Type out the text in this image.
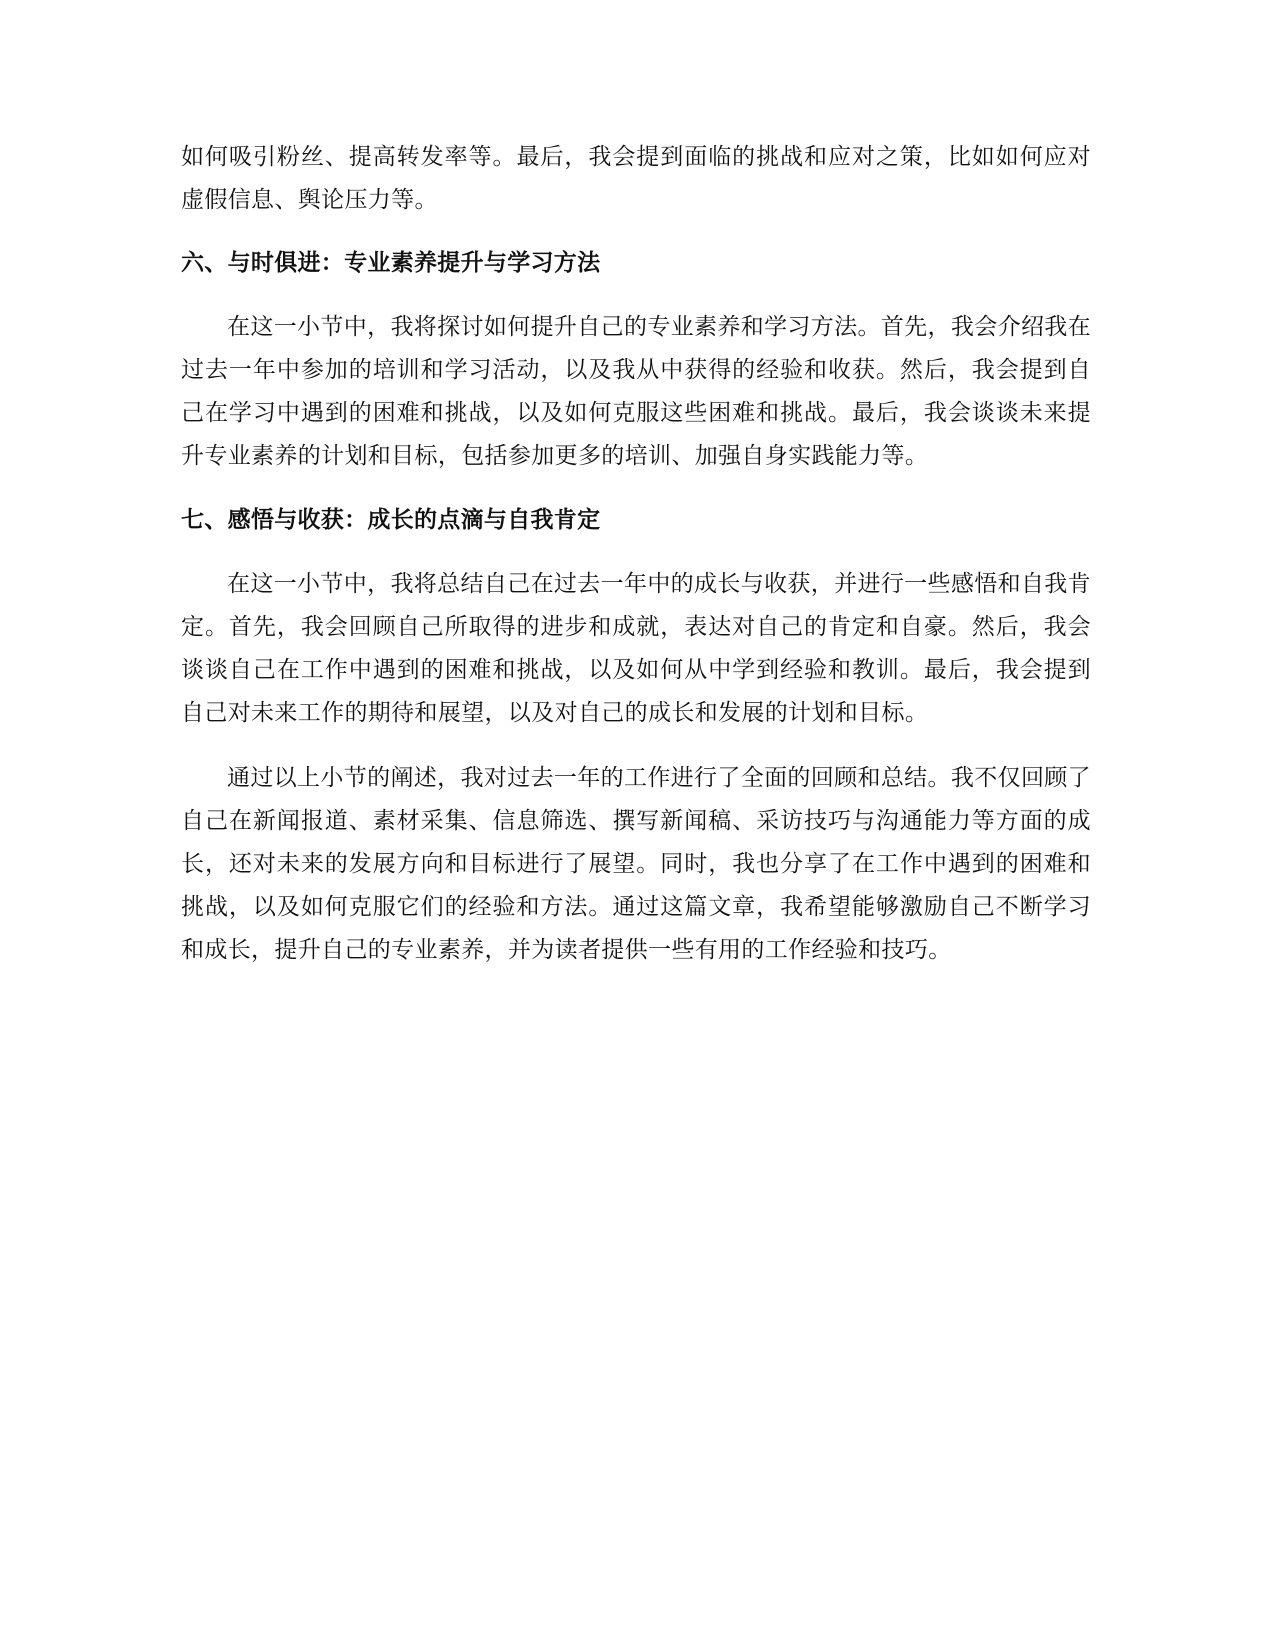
如何吸引粉丝、提高转发率等。最后，我会提到面临的挑战和应对之策，比如如何应对虚假信息、舆论压力等。

六、与时俱进：专业素养提升与学习方法

在这一小节中，我将探讨如何提升自己的专业素养和学习方法。首先，我会介绍我在过去一年中参加的培训和学习活动，以及我从中获得的经验和收获。然后，我会提到自己在学习中遇到的困难和挑战，以及如何克服这些困难和挑战。最后，我会谈谈未来提升专业素养的计划和目标，包括参加更多的培训、加强自身实践能力等。

七、感悟与收获：成长的点滴与自我肯定

在这一小节中，我将总结自己在过去一年中的成长与收获，并进行一些感悟和自我肯定。首先，我会回顾自己所取得的进步和成就，表达对自己的肯定和自豪。然后，我会谈谈自己在工作中遇到的困难和挑战，以及如何从中学到经验和教训。最后，我会提到自己对未来工作的期待和展望，以及对自己的成长和发展的计划和目标。

通过以上小节的阐述，我对过去一年的工作进行了全面的回顾和总结。我不仅回顾了自己在新闻报道、素材采集、信息筛选、撰写新闻稿、采访技巧与沟通能力等方面的成长，还对未来的发展方向和目标进行了展望。同时，我也分享了在工作中遇到的困难和挑战，以及如何克服它们的经验和方法。通过这篇文章，我希望能够激励自己不断学习和成长，提升自己的专业素养，并为读者提供一些有用的工作经验和技巧。
